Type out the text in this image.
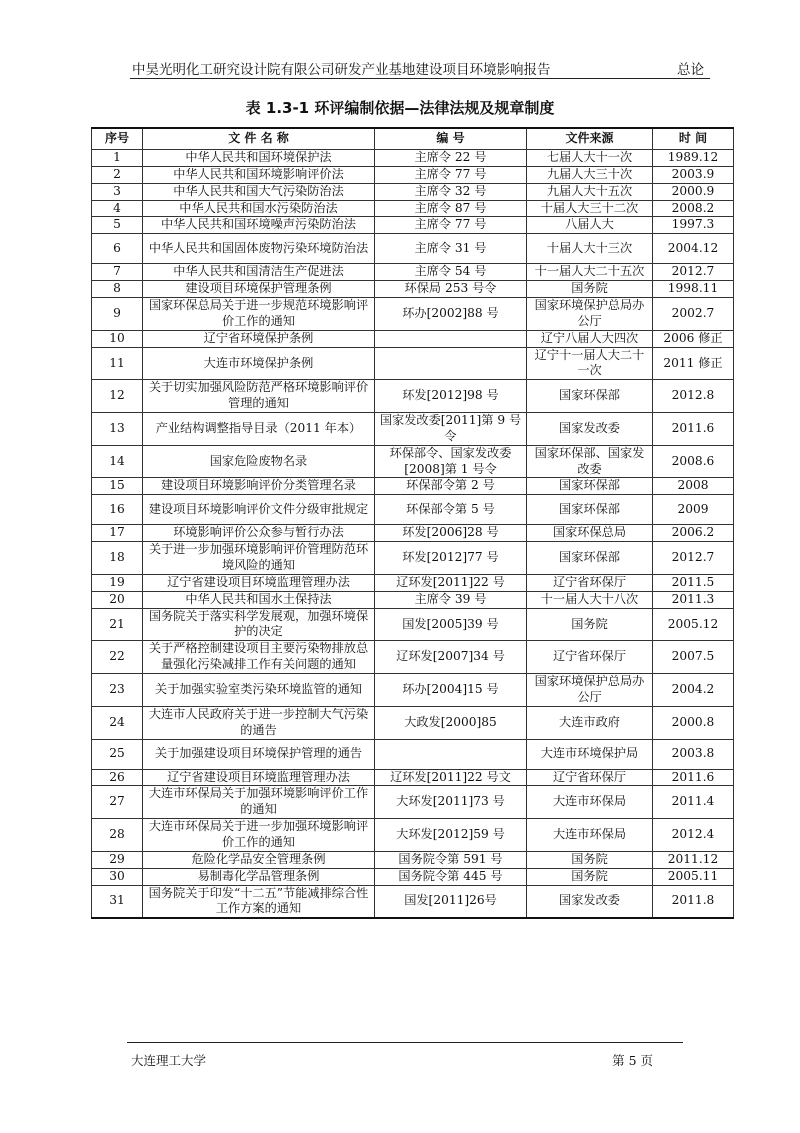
中昊光明化工研究设计院有限公司研发产业基地建设项目环境影响报告	总论
表 1.3-1 环评编制依据—法律法规及规章制度
序号	文 件 名 称	编 号	文件来源	时 间
1	中华人民共和国环境保护法	主席令 22 号	七届人大十一次	1989.12
2	中华人民共和国环境影响评价法	主席令 77 号	九届人大三十次	2003.9
3	中华人民共和国大气污染防治法	主席令 32 号	九届人大十五次	2000.9
4	中华人民共和国水污染防治法	主席令 87 号	十届人大三十二次	2008.2
5	中华人民共和国环境噪声污染防治法	主席令 77 号	八届人大	1997.3
6	中华人民共和国固体废物污染环境防治法	主席令 31 号	十届人大十三次	2004.12
7	中华人民共和国清洁生产促进法	主席令 54 号	十一届人大二十五次	2012.7
8	建设项目环境保护管理条例	环保局 253 号令	国务院	1998.11
9	国家环保总局关于进一步规范环境影响评价工作的通知	环办[2002]88 号	国家环境保护总局办公厅	2002.7
10	辽宁省环境保护条例		辽宁八届人大四次	2006 修正
11	大连市环境保护条例		辽宁十一届人大二十一次	2011 修正
12	关于切实加强风险防范严格环境影响评价管理的通知	环发[2012]98 号	国家环保部	2012.8
13	产业结构调整指导目录（2011 年本）	国家发改委[2011]第 9 号令	国家发改委	2011.6
14	国家危险废物名录	环保部令、国家发改委[2008]第 1 号令	国家环保部、国家发改委	2008.6
15	建设项目环境影响评价分类管理名录	环保部令第 2 号	国家环保部	2008
16	建设项目环境影响评价文件分级审批规定	环保部令第 5 号	国家环保部	2009
17	环境影响评价公众参与暂行办法	环发[2006]28 号	国家环保总局	2006.2
18	关于进一步加强环境影响评价管理防范环境风险的通知	环发[2012]77 号	国家环保部	2012.7
19	辽宁省建设项目环境监理管理办法	辽环发[2011]22 号	辽宁省环保厅	2011.5
20	中华人民共和国水土保持法	主席令 39 号	十一届人大十八次	2011.3
21	国务院关于落实科学发展观，加强环境保护的决定	国发[2005]39 号	国务院	2005.12
22	关于严格控制建设项目主要污染物排放总量强化污染减排工作有关问题的通知	辽环发[2007]34 号	辽宁省环保厅	2007.5
23	关于加强实验室类污染环境监管的通知	环办[2004]15 号	国家环境保护总局办公厅	2004.2
24	大连市人民政府关于进一步控制大气污染的通告	大政发[2000]85	大连市政府	2000.8
25	关于加强建设项目环境保护管理的通告		大连市环境保护局	2003.8
26	辽宁省建设项目环境监理管理办法	辽环发[2011]22 号文	辽宁省环保厅	2011.6
27	大连市环保局关于加强环境影响评价工作的通知	大环发[2011]73 号	大连市环保局	2011.4
28	大连市环保局关于进一步加强环境影响评价工作的通知	大环发[2012]59 号	大连市环保局	2012.4
29	危险化学品安全管理条例	国务院令第 591 号	国务院	2011.12
30	易制毒化学品管理条例	国务院令第 445 号	国务院	2005.11
31	国务院关于印发“十二五”节能减排综合性工作方案的通知	国发[2011]26号	国家发改委	2011.8
大连理工大学	第 5 页
